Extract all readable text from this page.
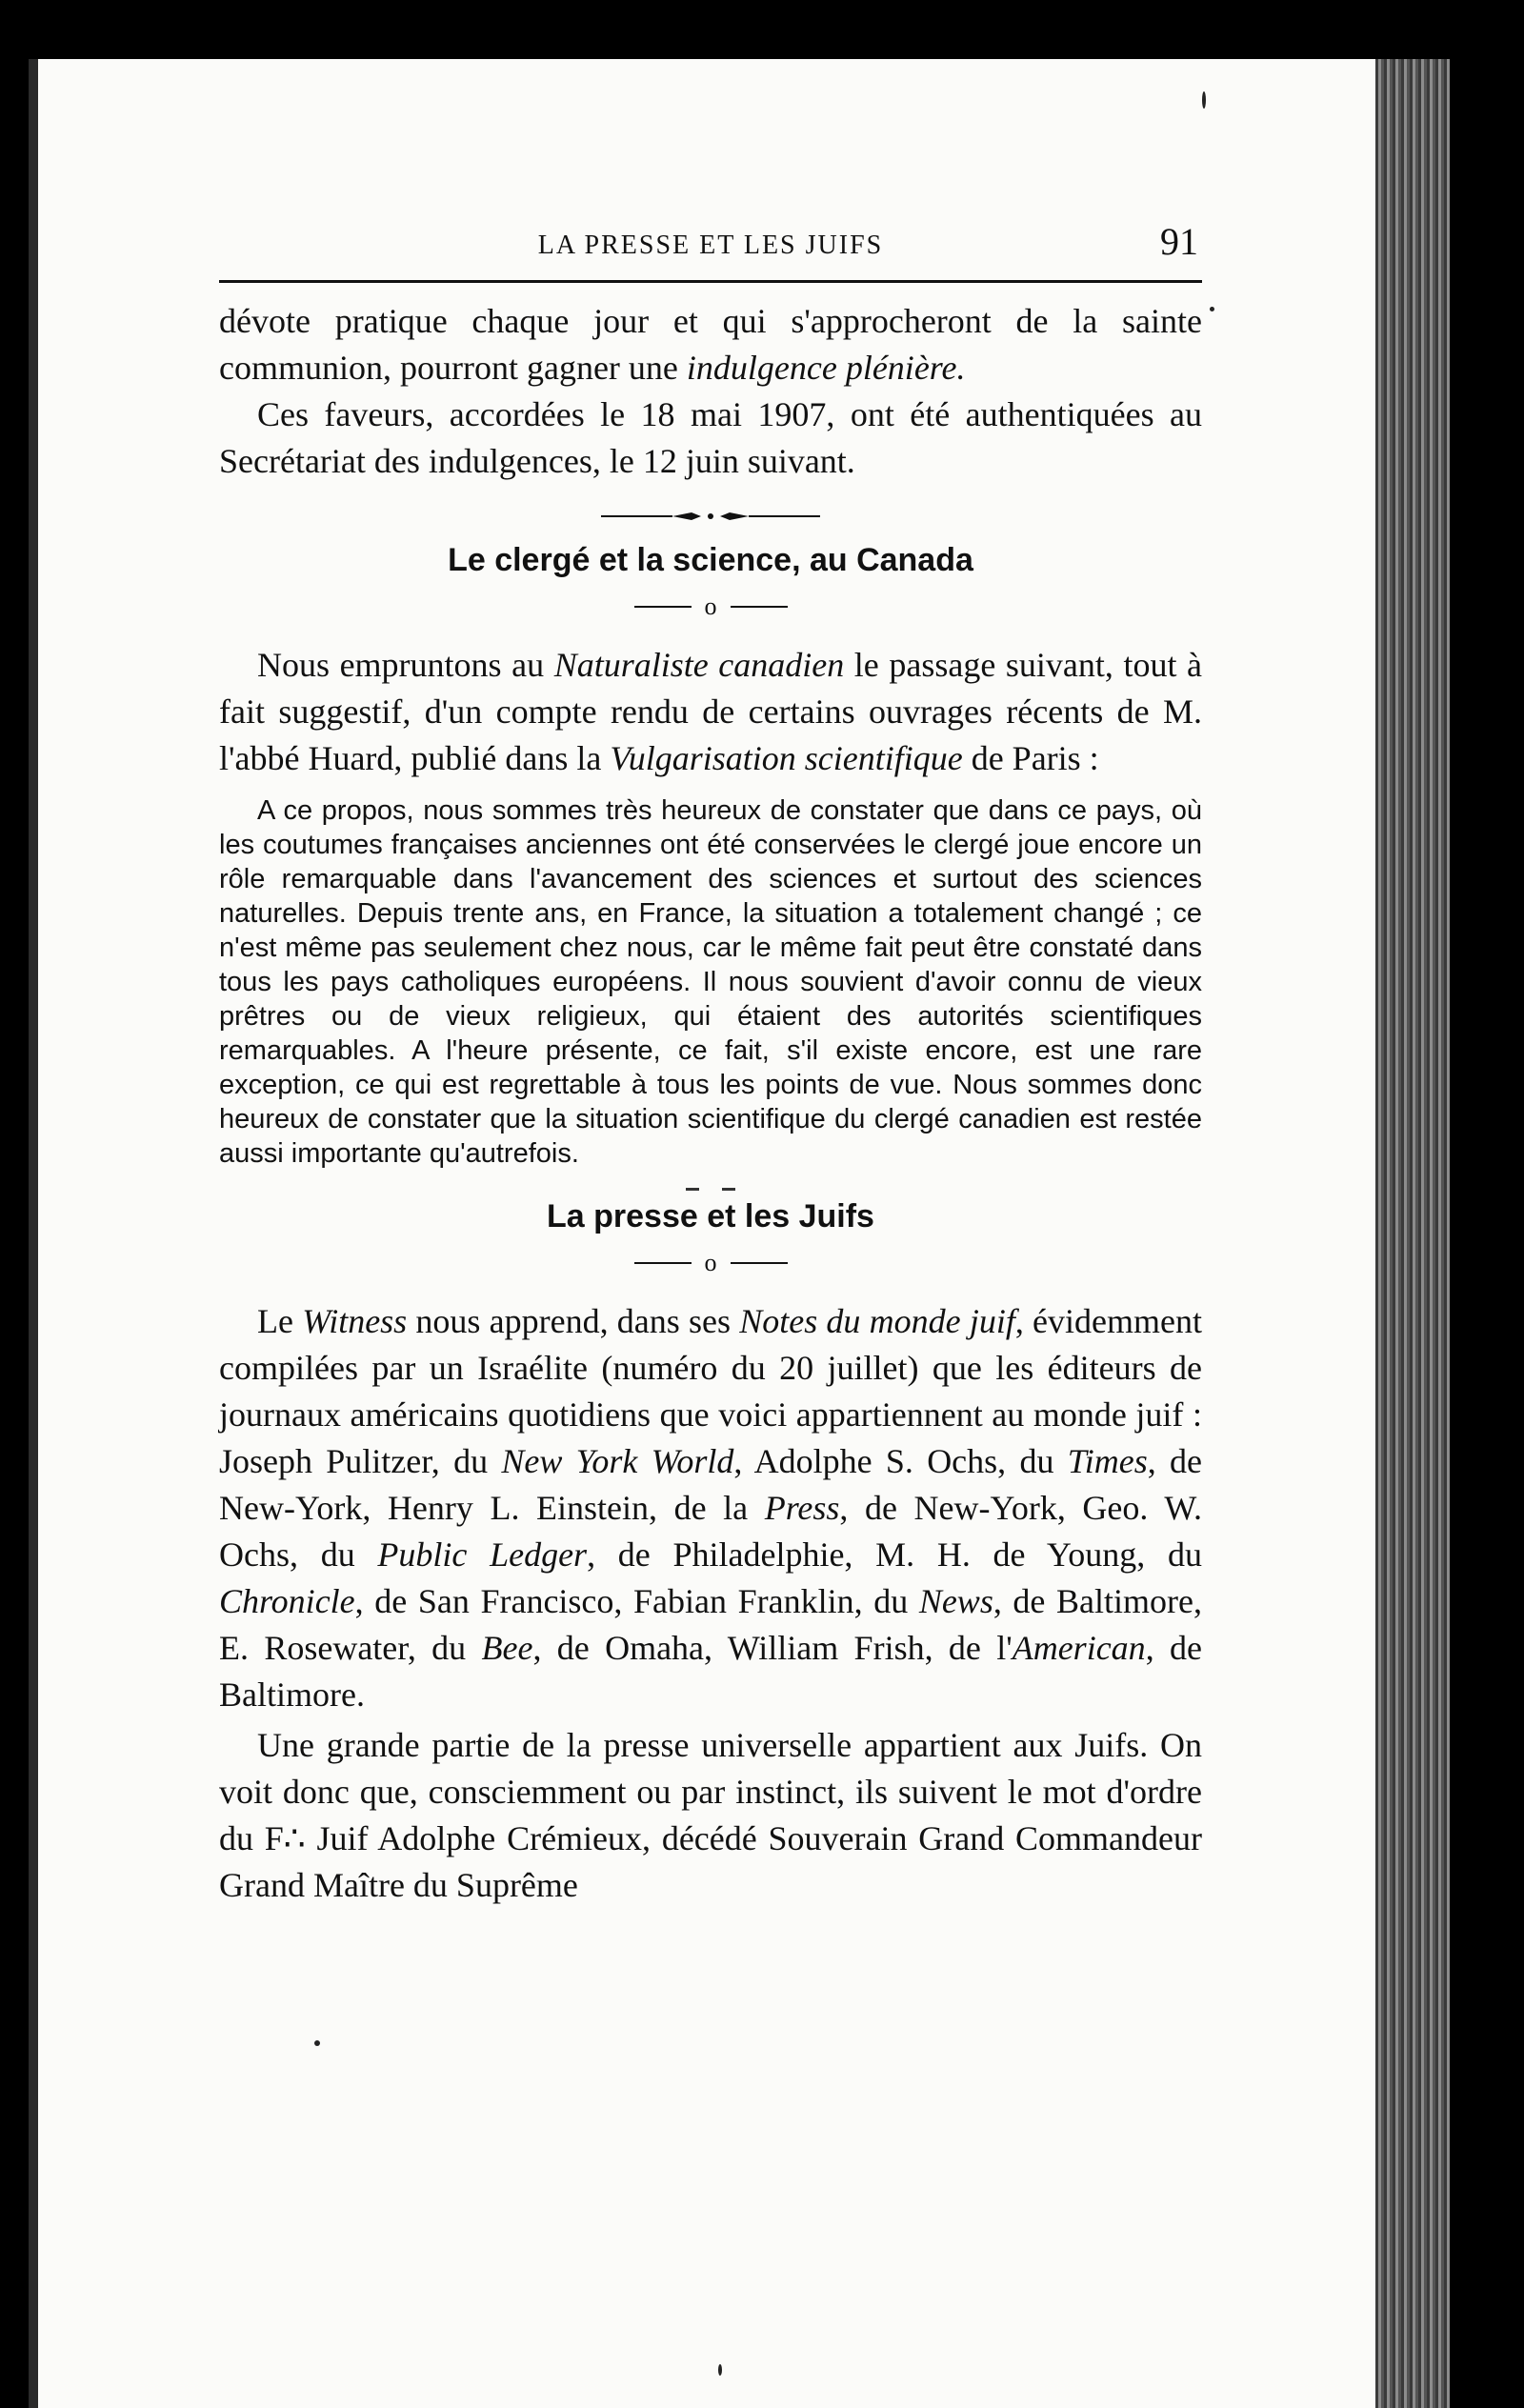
LA PRESSE ET LES JUIFS	91

dévote pratique chaque jour et qui s'approcheront de la sainte communion, pourront gagner une indulgence plénière.

Ces faveurs, accordées le 18 mai 1907, ont été authentiquées au Secrétariat des indulgences, le 12 juin suivant.

Le clergé et la science, au Canada
o

Nous empruntons au Naturaliste canadien le passage suivant, tout à fait suggestif, d'un compte rendu de certains ouvrages récents de M. l'abbé Huard, publié dans la Vulgarisation scientifique de Paris :

A ce propos, nous sommes très heureux de constater que dans ce pays, où les coutumes françaises anciennes ont été conservées le clergé joue encore un rôle remarquable dans l'avancement des sciences et surtout des sciences naturelles. Depuis trente ans, en France, la situation a totalement changé ; ce n'est même pas seulement chez nous, car le même fait peut être constaté dans tous les pays catholiques européens. Il nous souvient d'avoir connu de vieux prêtres ou de vieux religieux, qui étaient des autorités scientifiques remarquables. A l'heure présente, ce fait, s'il existe encore, est une rare exception, ce qui est regrettable à tous les points de vue. Nous sommes donc heureux de constater que la situation scientifique du clergé canadien est restée aussi importante qu'autrefois.

La presse et les Juifs
o

Le Witness nous apprend, dans ses Notes du monde juif, évidemment compilées par un Israélite (numéro du 20 juillet) que les éditeurs de journaux américains quotidiens que voici appartiennent au monde juif : Joseph Pulitzer, du New York World, Adolphe S. Ochs, du Times, de New-York, Henry L. Einstein, de la Press, de New-York, Geo. W. Ochs, du Public Ledger, de Philadelphie, M. H. de Young, du Chronicle, de San Francisco, Fabian Franklin, du News, de Baltimore, E. Rosewater, du Bee, de Omaha, William Frish, de l'American, de Baltimore.

Une grande partie de la presse universelle appartient aux Juifs. On voit donc que, consciemment ou par instinct, ils suivent le mot d'ordre du F∴ Juif Adolphe Crémieux, décédé Souverain Grand Commandeur Grand Maître du Suprême
